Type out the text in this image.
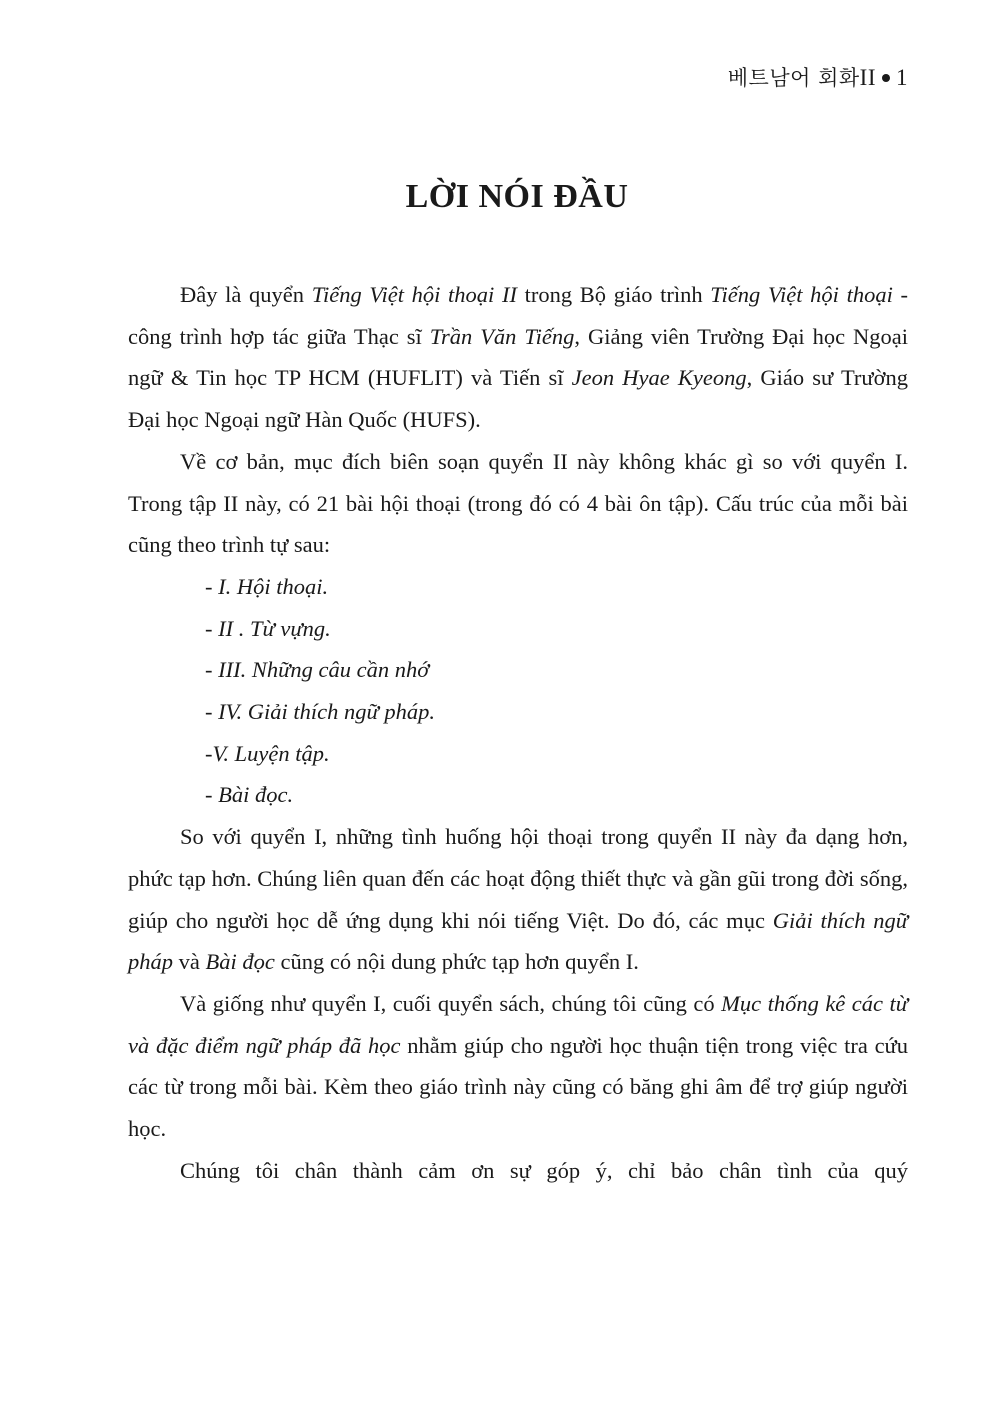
베트남어 회화II 1
LỜI NÓI ĐẦU

Đây là quyển Tiếng Việt hội thoại II trong Bộ giáo trình Tiếng Việt hội thoại - công trình hợp tác giữa Thạc sĩ Trần Văn Tiếng, Giảng viên Trường Đại học Ngoại ngữ & Tin học TP HCM (HUFLIT) và Tiến sĩ Jeon Hyae Kyeong, Giáo sư Trường Đại học Ngoại ngữ Hàn Quốc (HUFS).

Về cơ bản, mục đích biên soạn quyển II này không khác gì so với quyển I. Trong tập II này, có 21 bài hội thoại (trong đó có 4 bài ôn tập). Cấu trúc của mỗi bài cũng theo trình tự sau:

- I. Hội thoại.
- II . Từ vựng.
- III. Những câu cần nhớ
- IV. Giải thích ngữ pháp.
-V. Luyện tập.
- Bài đọc.

So với quyển I, những tình huống hội thoại trong quyển II này đa dạng hơn, phức tạp hơn. Chúng liên quan đến các hoạt động thiết thực và gần gũi trong đời sống, giúp cho người học dễ ứng dụng khi nói tiếng Việt. Do đó, các mục Giải thích ngữ pháp và Bài đọc cũng có nội dung phức tạp hơn quyển I.

Và giống như quyển I, cuối quyển sách, chúng tôi cũng có Mục thống kê các từ và đặc điểm ngữ pháp đã học nhằm giúp cho người học thuận tiện trong việc tra cứu các từ trong mỗi bài. Kèm theo giáo trình này cũng có băng ghi âm để trợ giúp người học.

Chúng tôi chân thành cảm ơn sự góp ý, chỉ bảo chân tình của quý
